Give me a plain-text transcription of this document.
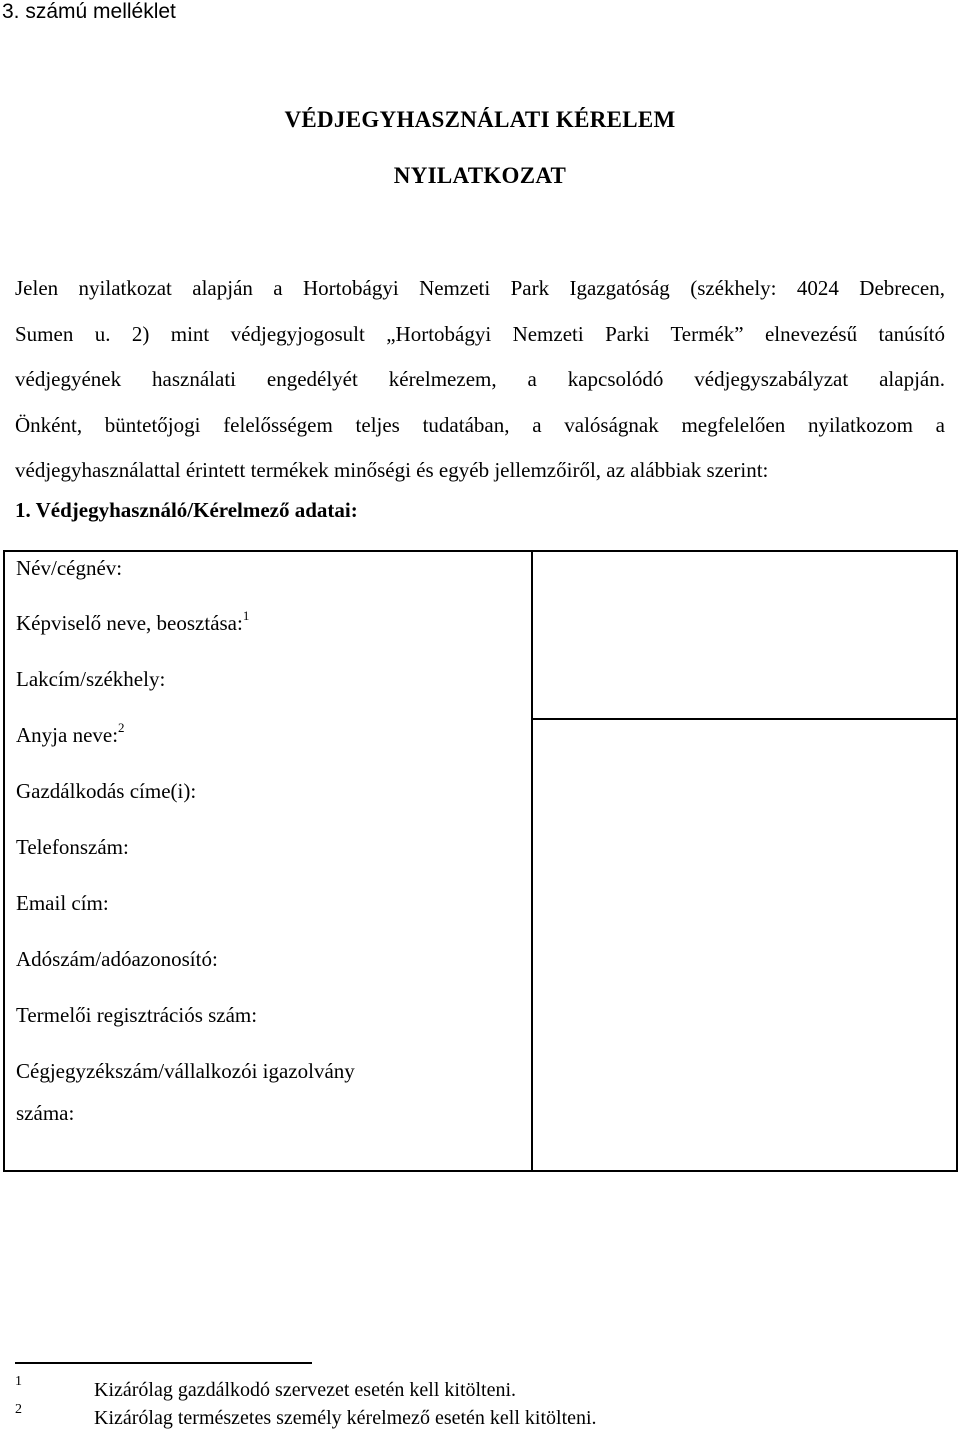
3. számú melléklet
VÉDJEGYHASZNÁLATI KÉRELEM
NYILATKOZAT
Jelen nyilatkozat alapján a Hortobágyi Nemzeti Park Igazgatóság (székhely: 4024 Debrecen,
Sumen u. 2) mint védjegyjogosult „Hortobágyi Nemzeti Parki Termék” elnevezésű tanúsító
védjegyének használati engedélyét kérelmezem, a kapcsolódó védjegyszabályzat alapján.
Önként, büntetőjogi felelősségem teljes tudatában, a valóságnak megfelelően nyilatkozom a
védjegyhasználattal érintett termékek minőségi és egyéb jellemzőiről, az alábbiak szerint:
1. Védjegyhasználó/Kérelmező adatai:
Név/cégnév:	

Képviselő neve, beosztása:$^1$

Lakcím/székhely:	

Anyja neve:$^2$

Gazdálkodás címe(i):	

Telefonszám:	

Email cím:	

Adószám/adóazonosító:	

Termelői regisztrációs szám:	

Cégjegyzékszám/vállalkozói igazolvány száma:	
1	Kizárólag gazdálkodó szervezet esetén kell kitölteni.
2	Kizárólag természetes személy kérelmező esetén kell kitölteni.
